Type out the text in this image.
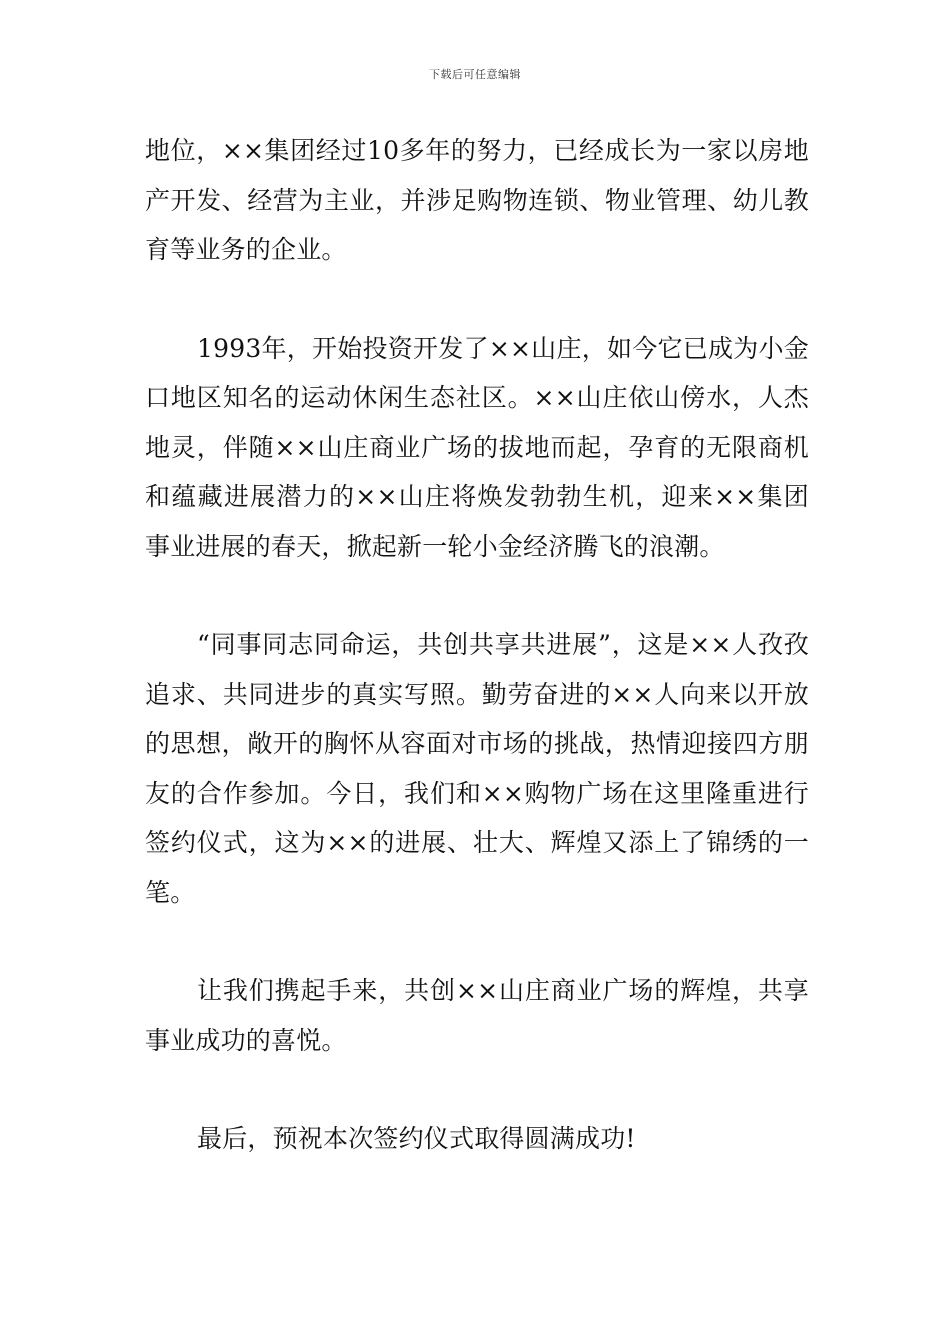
下载后可任意编辑

地位，××集团经过10多年的努力，已经成长为一家以房地产开发、经营为主业，并涉足购物连锁、物业管理、幼儿教育等业务的企业。

1993年，开始投资开发了××山庄，如今它已成为小金口地区知名的运动休闲生态社区。××山庄依山傍水，人杰地灵，伴随××山庄商业广场的拔地而起，孕育的无限商机和蕴藏进展潜力的××山庄将焕发勃勃生机，迎来××集团事业进展的春天，掀起新一轮小金经济腾飞的浪潮。

“同事同志同命运，共创共享共进展”，这是××人孜孜追求、共同进步的真实写照。勤劳奋进的××人向来以开放的思想，敞开的胸怀从容面对市场的挑战，热情迎接四方朋友的合作参加。今日，我们和××购物广场在这里隆重进行签约仪式，这为××的进展、壮大、辉煌又添上了锦绣的一笔。

让我们携起手来，共创××山庄商业广场的辉煌，共享事业成功的喜悦。

最后，预祝本次签约仪式取得圆满成功!
